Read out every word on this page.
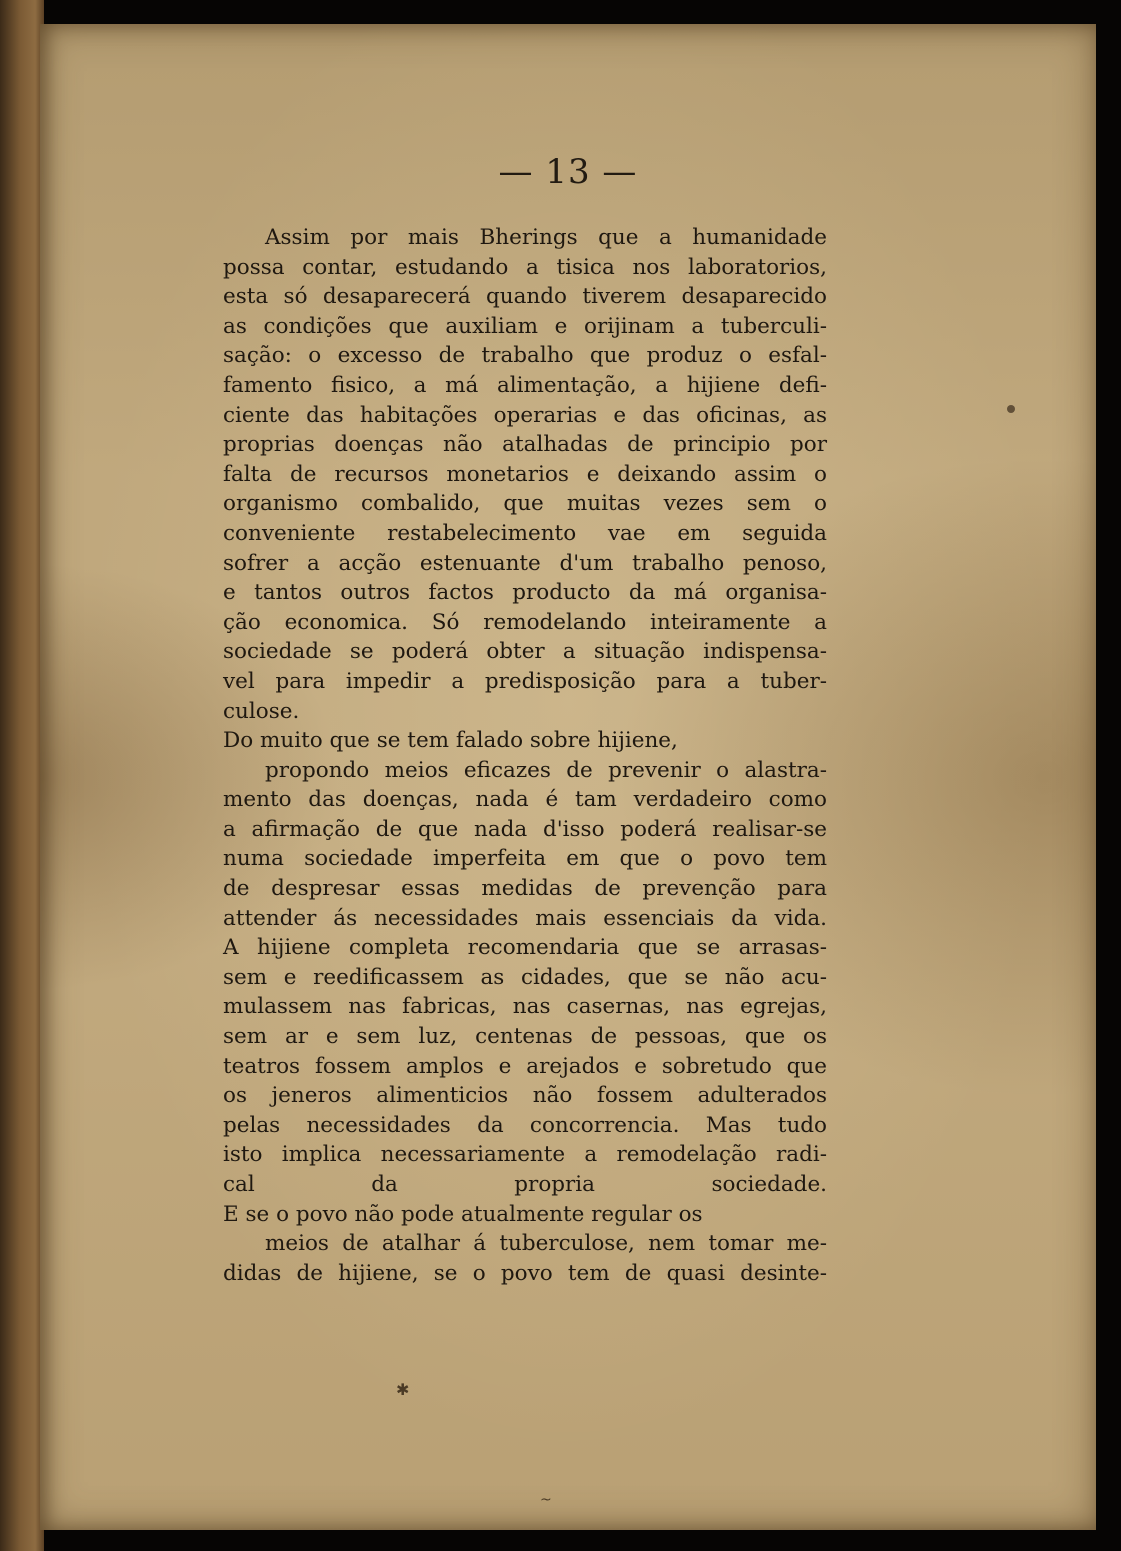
— 13 —
Assim por mais Bherings que a humanidade
possa contar, estudando a tisica nos laboratorios,
esta só desaparecerá quando tiverem desaparecido
as condições que auxiliam e orijinam a tuberculi-
sação: o excesso de trabalho que produz o esfal-
famento fisico, a má alimentação, a hijiene defi-
ciente das habitações operarias e das oficinas, as
proprias doenças não atalhadas de principio por
falta de recursos monetarios e deixando assim o
organismo combalido, que muitas vezes sem o
conveniente restabelecimento vae em seguida
sofrer a acção estenuante d'um trabalho penoso,
e tantos outros factos producto da má organisa-
ção economica. Só remodelando inteiramente a
sociedade se poderá obter a situação indispensa-
vel para impedir a predisposição para a tuber-
culose.
Do muito que se tem falado sobre hijiene,
propondo meios eficazes de prevenir o alastra-
mento das doenças, nada é tam verdadeiro como
a afirmação de que nada d'isso poderá realisar-se
numa sociedade imperfeita em que o povo tem
de despresar essas medidas de prevenção para
attender ás necessidades mais essenciais da vida.
A hijiene completa recomendaria que se arrasas-
sem e reedificassem as cidades, que se não acu-
mulassem nas fabricas, nas casernas, nas egrejas,
sem ar e sem luz, centenas de pessoas, que os
teatros fossem amplos e arejados e sobretudo que
os jeneros alimenticios não fossem adulterados
pelas necessidades da concorrencia. Mas tudo
isto implica necessariamente a remodelação radi-
cal da propria sociedade.
E se o povo não pode atualmente regular os
meios de atalhar á tuberculose, nem tomar me-
didas de hijiene, se o povo tem de quasi desinte-
✱
~
